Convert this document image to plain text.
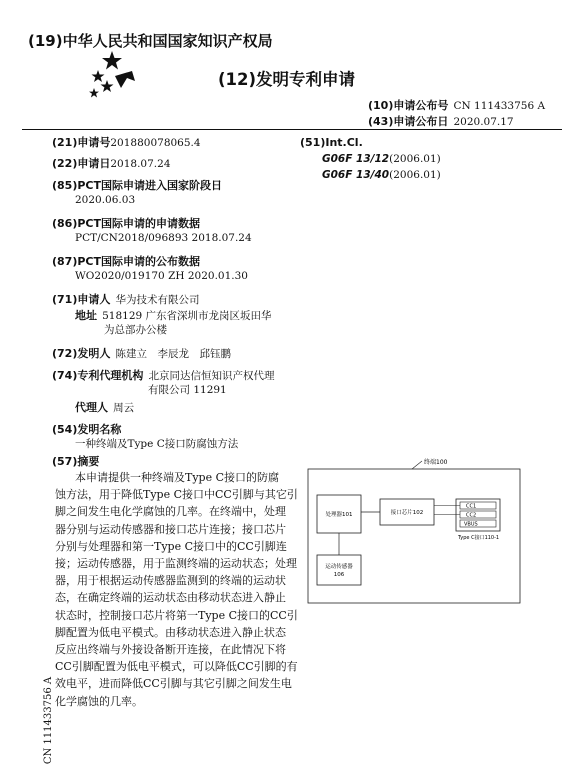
(19)中华人民共和国国家知识产权局
(12)发明专利申请
(10)申请公布号 CN 111433756 A
(43)申请公布日 2020.07.17
(21)申请号201880078065.4
(22)申请日2018.07.24
(85)PCT国际申请进入国家阶段日
2020.06.03
(86)PCT国际申请的申请数据
PCT/CN2018/096893 2018.07.24
(87)PCT国际申请的公布数据
WO2020/019170 ZH 2020.01.30
(71)申请人 华为技术有限公司
地址 518129 广东省深圳市龙岗区坂田华
为总部办公楼
(72)发明人 陈建立　李辰龙　邱钰鹏
(74)专利代理机构 北京同达信恒知识产权代理
有限公司 11291
代理人 周云
(51)Int.Cl.
G06F 13/12(2006.01)
G06F 13/40(2006.01)
(54)发明名称
一种终端及Type C接口防腐蚀方法
(57)摘要
本申请提供一种终端及Type C接口的防腐
蚀方法，用于降低Type C接口中CC引脚与其它引
脚之间发生电化学腐蚀的几率。在终端中，处理
器分别与运动传感器和接口芯片连接；接口芯片
分别与处理器和第一Type C接口中的CC引脚连
接；运动传感器，用于监测终端的运动状态；处理
器，用于根据运动传感器监测到的终端的运动状
态，在确定终端的运动状态由移动状态进入静止
状态时，控制接口芯片将第一Type C接口的CC引
脚配置为低电平模式。由移动状态进入静止状态
反应出终端与外接设备断开连接，在此情况下将
CC引脚配置为低电平模式，可以降低CC引脚的有
效电平，进而降低CC引脚与其它引脚之间发生电
化学腐蚀的几率。
终端100
处理器101	接口芯片102
运动传感器
106
CC1
CC2
VBUS
Type C接口110-1
CN 111433756 A
